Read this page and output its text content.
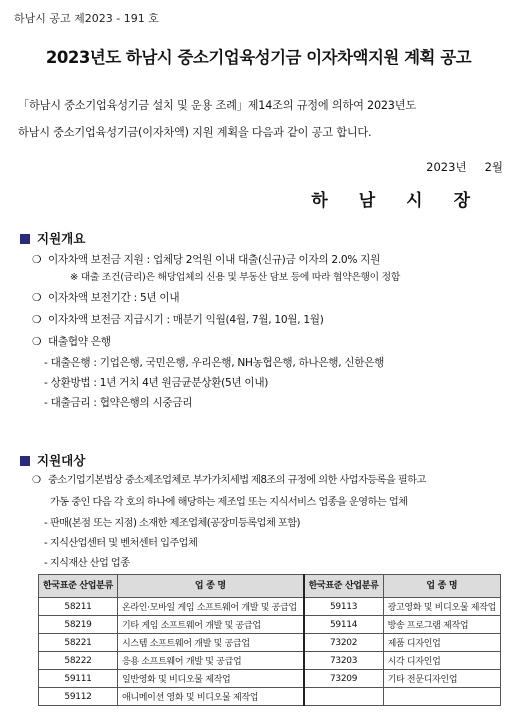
하남시 공고 제2023 - 191 호
2023년도 하남시 중소기업육성기금 이자차액지원 계획 공고
「하남시 중소기업육성기금 설치 및 운용 조례」제14조의 규정에 의하여 2023년도
하남시 중소기업육성기금(이자차액) 지원 계획을 다음과 같이 공고 합니다.
2023년 2월
하남시장
지원개요
❍ 이자차액 보전금 지원 : 업체당 2억원 이내 대출(신규)금 이자의 2.0% 지원
※ 대출 조건(금리)은 해당업체의 신용 및 부동산 담보 등에 따라 협약은행이 정함
❍ 이자차액 보전기간 : 5년 이내
❍ 이자차액 보전금 지급시기 : 매분기 익월(4월, 7월, 10월, 1월)
❍ 대출협약 은행
- 대출은행 : 기업은행, 국민은행, 우리은행, NH농협은행, 하나은행, 신한은행
- 상환방법 : 1년 거치 4년 원금균분상환(5년 이내)
- 대출금리 : 협약은행의 시중금리
지원대상
❍ 중소기업기본법상 중소제조업체로 부가가치세법 제8조의 규정에 의한 사업자등록을 필하고
가동 중인 다음 각 호의 하나에 해당하는 제조업 또는 지식서비스 업종을 운영하는 업체
- 판매(본점 또는 지점) 소재한 제조업체(공장미등록업체 포함)
- 지식산업센터 및 벤처센터 입주업체
- 지식재산 산업 업종
한국표준 산업분류	업 종 명	한국표준 산업분류	업 종 명
58211	온라인·모바일 게임 소프트웨어 개발 및 공급업	59113	광고영화 및 비디오물 제작업
58219	기타 게임 소프트웨어 개발 및 공급업	59114	방송 프로그램 제작업
58221	시스템 소프트웨어 개발 및 공급업	73202	제품 디자인업
58222	응용 소프트웨어 개발 및 공급업	73203	시각 디자인업
59111	일반영화 및 비디오물 제작업	73209	기타 전문디자인업
59112	애니메이션 영화 및 비디오물 제작업		
